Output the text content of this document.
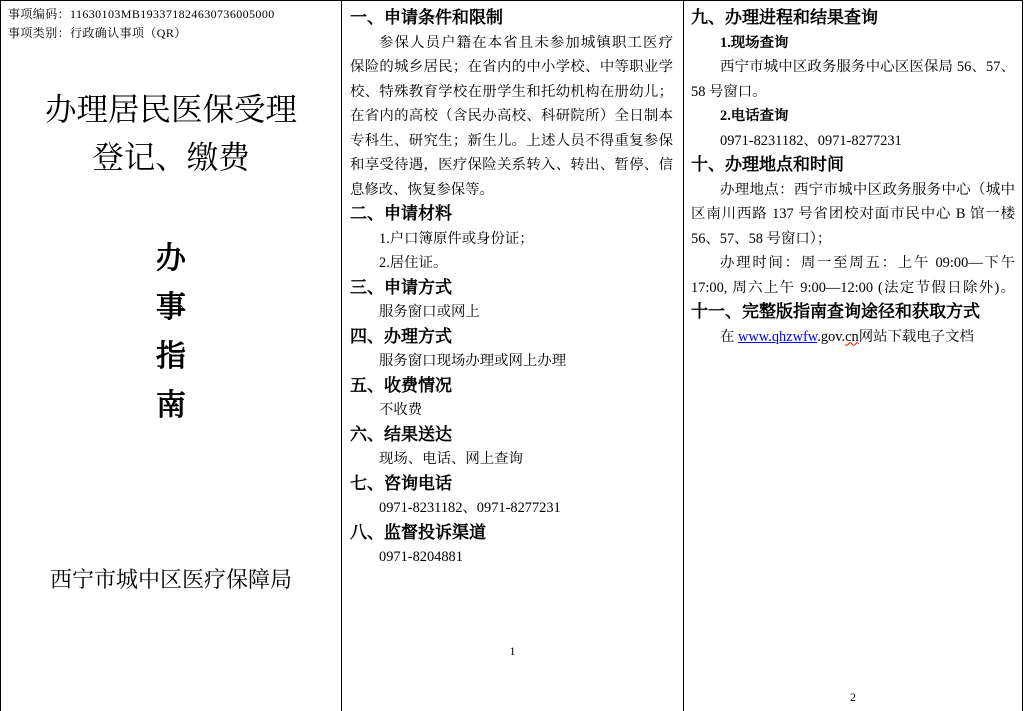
事项编码：11630103MB193371824630736005000
事项类别：行政确认事项（QR）
办理居民医保受理
登记、缴费
办
事
指
南
西宁市城中区医疗保障局
一、申请条件和限制
参保人员户籍在本省且未参加城镇职工医疗
保险的城乡居民；在省内的中小学校、中等职业学
校、特殊教育学校在册学生和托幼机构在册幼儿；
在省内的高校（含民办高校、科研院所）全日制本
专科生、研究生；新生儿。上述人员不得重复参保
和享受待遇，医疗保险关系转入、转出、暂停、信
息修改、恢复参保等。
二、申请材料
1.户口簿原件或身份证；
2.居住证。
三、申请方式
服务窗口或网上
四、办理方式
服务窗口现场办理或网上办理
五、收费情况
不收费
六、结果送达
现场、电话、网上查询
七、咨询电话
0971-8231182、0971-8277231
八、监督投诉渠道
0971-8204881
1
九、办理进程和结果查询
1.现场查询
西宁市城中区政务服务中心区医保局 56、57、
58 号窗口。
2.电话查询
0971-8231182、0971-8277231
十、办理地点和时间
办理地点：西宁市城中区政务服务中心（城中
区南川西路 137 号省团校对面市民中心 B 馆一楼
56、57、58 号窗口）；
办理时间：周一至周五：上午 09:00—下午
17:00, 周六上午 9:00—12:00 (法定节假日除外)。
十一、完整版指南查询途径和获取方式
在 www.qhzwfw.gov.cn网站下载电子文档
2
